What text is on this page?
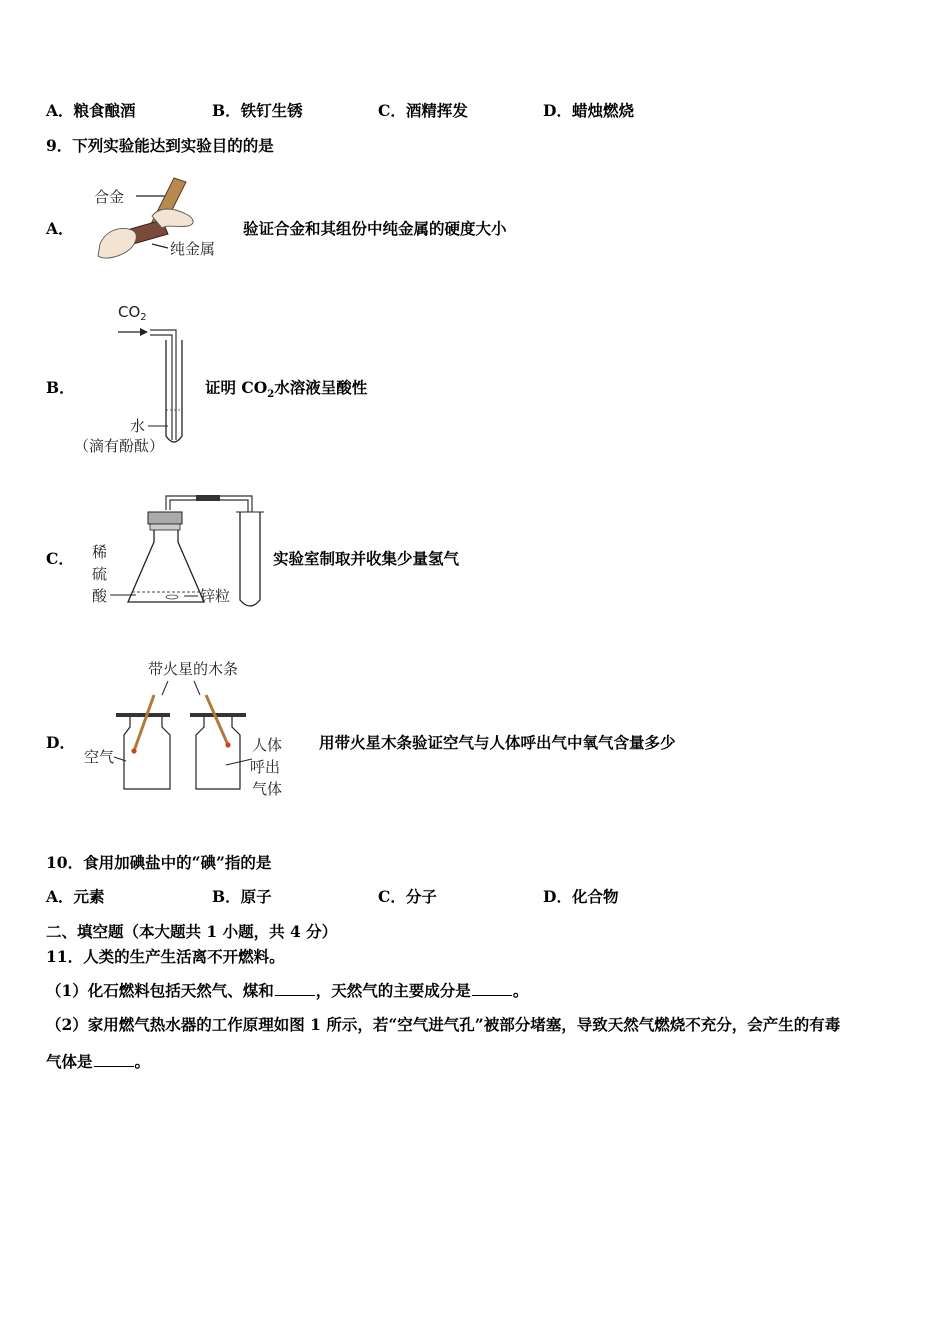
A．粮食酿酒	B．铁钉生锈	C．酒精挥发	D．蜡烛燃烧
9．下列实验能达到实验目的的是
A．
合金
纯金属
验证合金和其组份中纯金属的硬度大小
B．
$CO_2$
水
（滴有酚酞）
证明 $CO_2$水溶液呈酸性
C． 稀
硫
酸	锌粒
实验室制取并收集少量氢气
D．
带火星的木条
空气
人体
呼出
气体
用带火星木条验证空气与人体呼出气中氧气含量多少
10．食用加碘盐中的“碘”指的是
A．元素	B．原子	C．分子	D．化合物
二、填空题（本大题共 1 小题，共 4 分）
11．人类的生产生活离不开燃料。
（1）化石燃料包括天然气、煤和	，天然气的主要成分是	。
（2）家用燃气热水器的工作原理如图 1 所示，若“空气进气孔”被部分堵塞，导致天然气燃烧不充分，会产生的有毒
气体是	。
